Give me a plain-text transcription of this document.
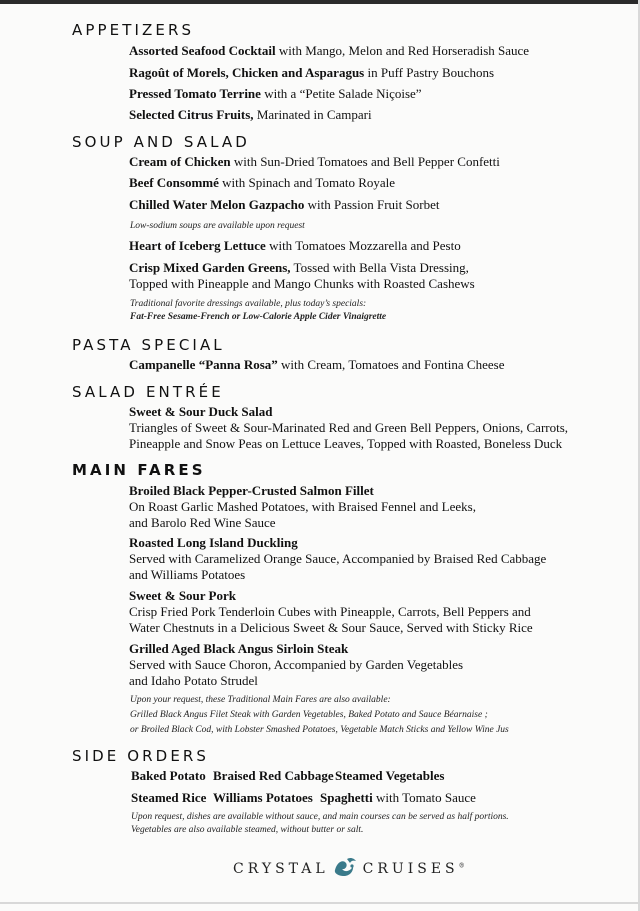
APPETIZERS
Assorted Seafood Cocktail with Mango, Melon and Red Horseradish Sauce
Ragoût of Morels, Chicken and Asparagus in Puff Pastry Bouchons
Pressed Tomato Terrine with a “Petite Salade Niçoise”
Selected Citrus Fruits, Marinated in Campari
SOUP AND SALAD
Cream of Chicken with Sun-Dried Tomatoes and Bell Pepper Confetti
Beef Consommé with Spinach and Tomato Royale
Chilled Water Melon Gazpacho with Passion Fruit Sorbet
Low-sodium soups are available upon request
Heart of Iceberg Lettuce with Tomatoes Mozzarella and Pesto
Crisp Mixed Garden Greens, Tossed with Bella Vista Dressing,
Topped with Pineapple and Mango Chunks with Roasted Cashews
Traditional favorite dressings available, plus today’s specials:
Fat-Free Sesame-French or Low-Calorie Apple Cider Vinaigrette
PASTA SPECIAL
Campanelle “Panna Rosa” with Cream, Tomatoes and Fontina Cheese
SALAD ENTRÉE
Sweet & Sour Duck Salad
Triangles of Sweet & Sour-Marinated Red and Green Bell Peppers, Onions, Carrots,
Pineapple and Snow Peas on Lettuce Leaves, Topped with Roasted, Boneless Duck
MAIN FARES
Broiled Black Pepper-Crusted Salmon Fillet
On Roast Garlic Mashed Potatoes, with Braised Fennel and Leeks,
and Barolo Red Wine Sauce
Roasted Long Island Duckling
Served with Caramelized Orange Sauce, Accompanied by Braised Red Cabbage
and Williams Potatoes
Sweet & Sour Pork
Crisp Fried Pork Tenderloin Cubes with Pineapple, Carrots, Bell Peppers and
Water Chestnuts in a Delicious Sweet & Sour Sauce, Served with Sticky Rice
Grilled Aged Black Angus Sirloin Steak
Served with Sauce Choron, Accompanied by Garden Vegetables
and Idaho Potato Strudel
Upon your request, these Traditional Main Fares are also available:
Grilled Black Angus Filet Steak with Garden Vegetables, Baked Potato and Sauce Béarnaise ;
or Broiled Black Cod, with Lobster Smashed Potatoes, Vegetable Match Sticks and Yellow Wine Jus
SIDE ORDERS
Baked Potato Braised Red Cabbage Steamed Vegetables
Steamed Rice Williams Potatoes Spaghetti with Tomato Sauce
Upon request, dishes are available without sauce, and main courses can be served as half portions.
Vegetables are also available steamed, without butter or salt.
CRYSTAL CRUISES®
